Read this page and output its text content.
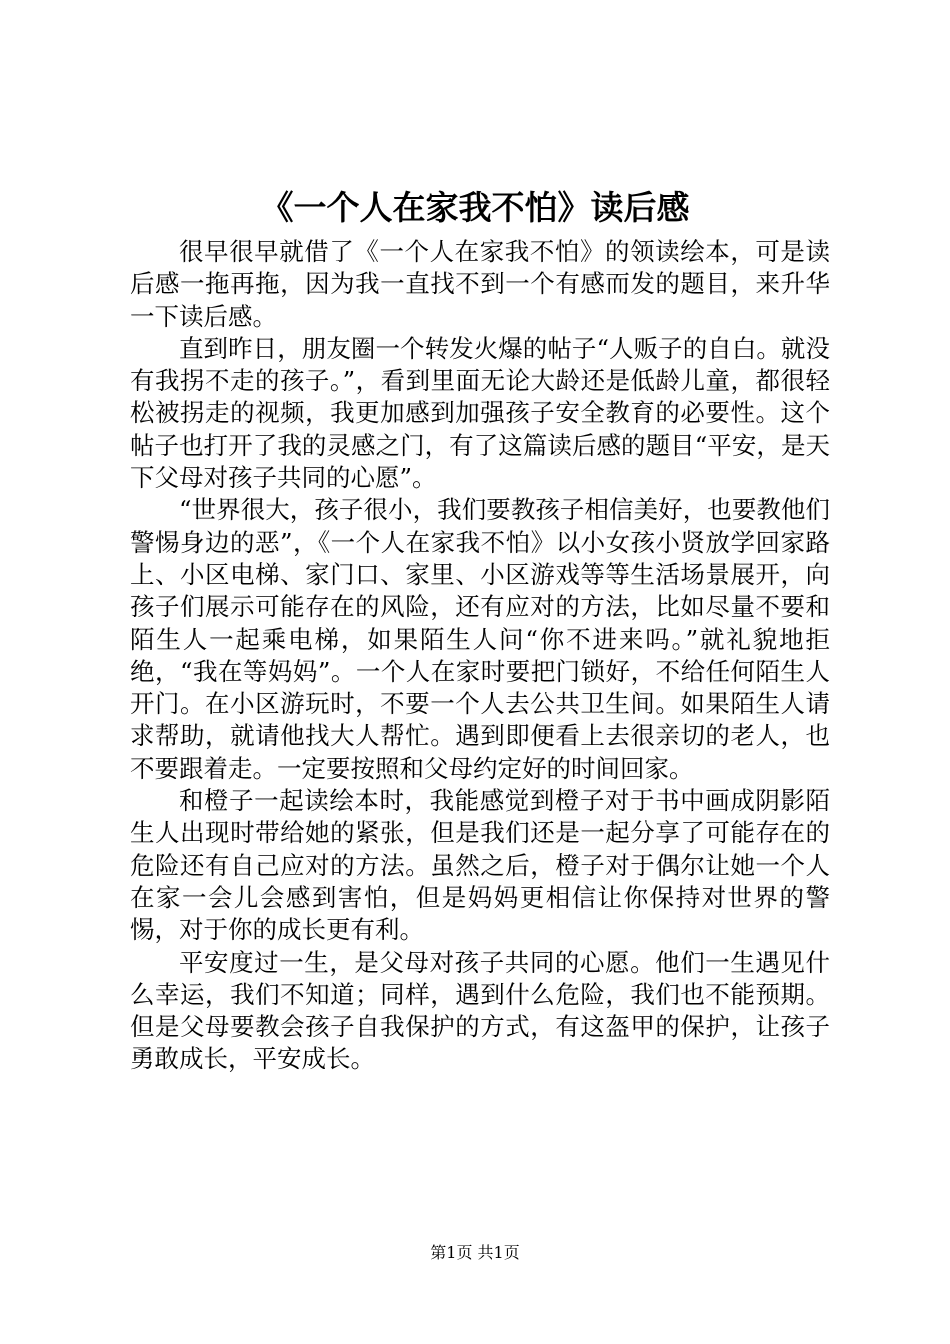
《一个人在家我不怕》读后感

很早很早就借了《一个人在家我不怕》的领读绘本，可是读后感一拖再拖，因为我一直找不到一个有感而发的题目，来升华一下读后感。

直到昨日，朋友圈一个转发火爆的帖子“人贩子的自白。就没有我拐不走的孩子。”，看到里面无论大龄还是低龄儿童，都很轻松被拐走的视频，我更加感到加强孩子安全教育的必要性。这个帖子也打开了我的灵感之门，有了这篇读后感的题目“平安，是天下父母对孩子共同的心愿”。

“世界很大，孩子很小，我们要教孩子相信美好，也要教他们警惕身边的恶”，《一个人在家我不怕》以小女孩小贤放学回家路上、小区电梯、家门口、家里、小区游戏等等生活场景展开，向孩子们展示可能存在的风险，还有应对的方法，比如尽量不要和陌生人一起乘电梯，如果陌生人问“你不进来吗。”就礼貌地拒绝，“我在等妈妈”。一个人在家时要把门锁好，不给任何陌生人开门。在小区游玩时，不要一个人去公共卫生间。如果陌生人请求帮助，就请他找大人帮忙。遇到即便看上去很亲切的老人，也不要跟着走。一定要按照和父母约定好的时间回家。

和橙子一起读绘本时，我能感觉到橙子对于书中画成阴影陌生人出现时带给她的紧张，但是我们还是一起分享了可能存在的危险还有自己应对的方法。虽然之后，橙子对于偶尔让她一个人在家一会儿会感到害怕，但是妈妈更相信让你保持对世界的警惕，对于你的成长更有利。

平安度过一生，是父母对孩子共同的心愿。他们一生遇见什么幸运，我们不知道；同样，遇到什么危险，我们也不能预期。但是父母要教会孩子自我保护的方式，有这盔甲的保护，让孩子勇敢成长，平安成长。

第1页 共1页
